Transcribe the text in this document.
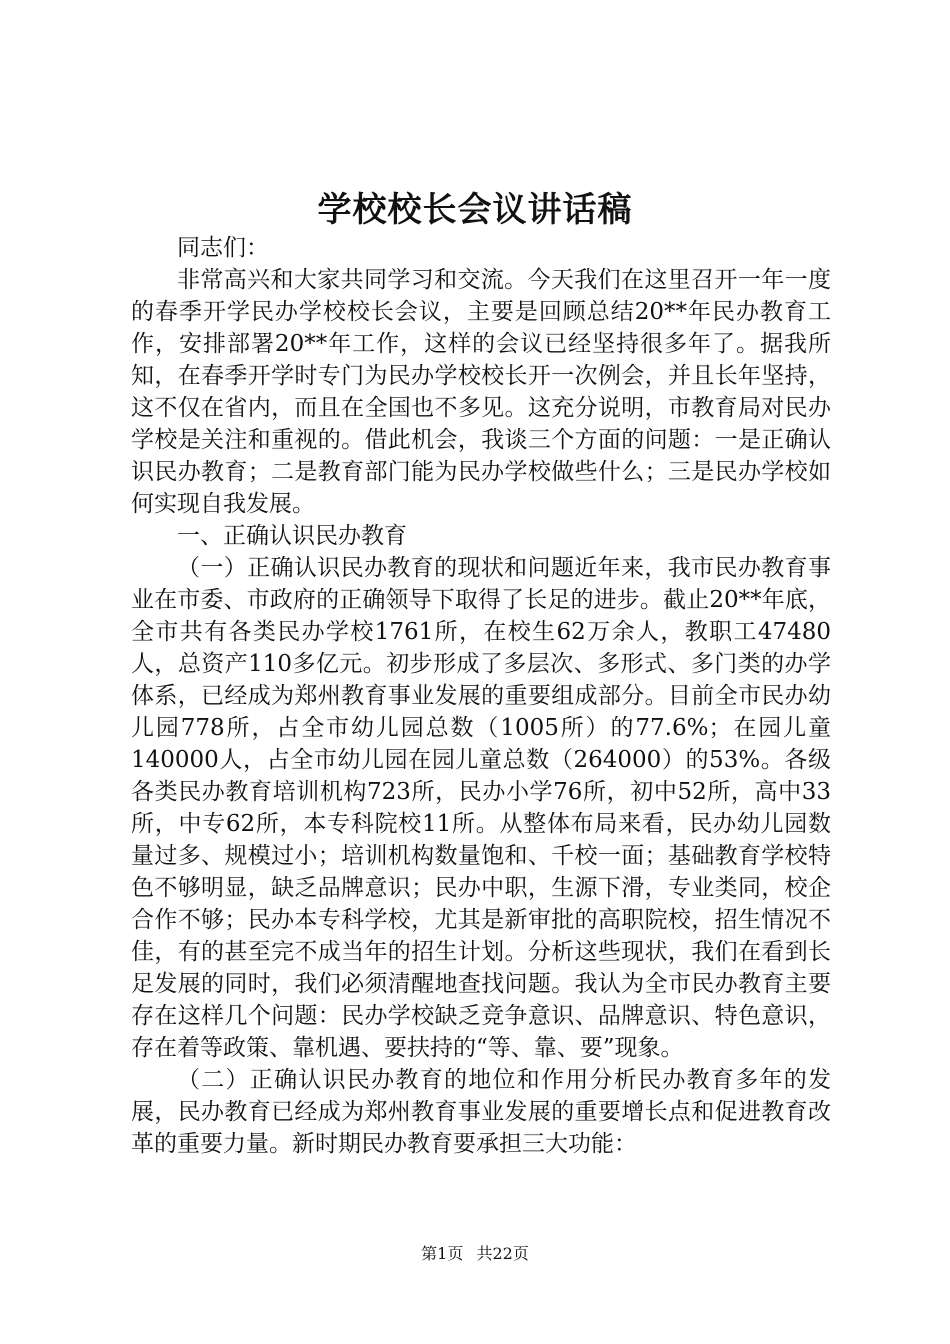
学校校长会议讲话稿

同志们：

非常高兴和大家共同学习和交流。今天我们在这里召开一年一度的春季开学民办学校校长会议，主要是回顾总结20**年民办教育工作，安排部署20**年工作，这样的会议已经坚持很多年了。据我所知，在春季开学时专门为民办学校校长开一次例会，并且长年坚持，这不仅在省内，而且在全国也不多见。这充分说明，市教育局对民办学校是关注和重视的。借此机会，我谈三个方面的问题：一是正确认识民办教育；二是教育部门能为民办学校做些什么；三是民办学校如何实现自我发展。

一、正确认识民办教育

（一）正确认识民办教育的现状和问题近年来，我市民办教育事业在市委、市政府的正确领导下取得了长足的进步。截止20**年底，全市共有各类民办学校1761所，在校生62万余人，教职工47480人，总资产110多亿元。初步形成了多层次、多形式、多门类的办学体系，已经成为郑州教育事业发展的重要组成部分。目前全市民办幼儿园778所，占全市幼儿园总数（1005所）的77.6%；在园儿童140000人，占全市幼儿园在园儿童总数（264000）的53%。各级各类民办教育培训机构723所，民办小学76所，初中52所，高中33所，中专62所，本专科院校11所。从整体布局来看，民办幼儿园数量过多、规模过小；培训机构数量饱和、千校一面；基础教育学校特色不够明显，缺乏品牌意识；民办中职，生源下滑，专业类同，校企合作不够；民办本专科学校，尤其是新审批的高职院校，招生情况不佳，有的甚至完不成当年的招生计划。分析这些现状，我们在看到长足发展的同时，我们必须清醒地查找问题。我认为全市民办教育主要存在这样几个问题：民办学校缺乏竞争意识、品牌意识、特色意识，存在着等政策、靠机遇、要扶持的“等、靠、要”现象。

（二）正确认识民办教育的地位和作用分析民办教育多年的发展，民办教育已经成为郑州教育事业发展的重要增长点和促进教育改革的重要力量。新时期民办教育要承担三大功能：

第1页 共22页
